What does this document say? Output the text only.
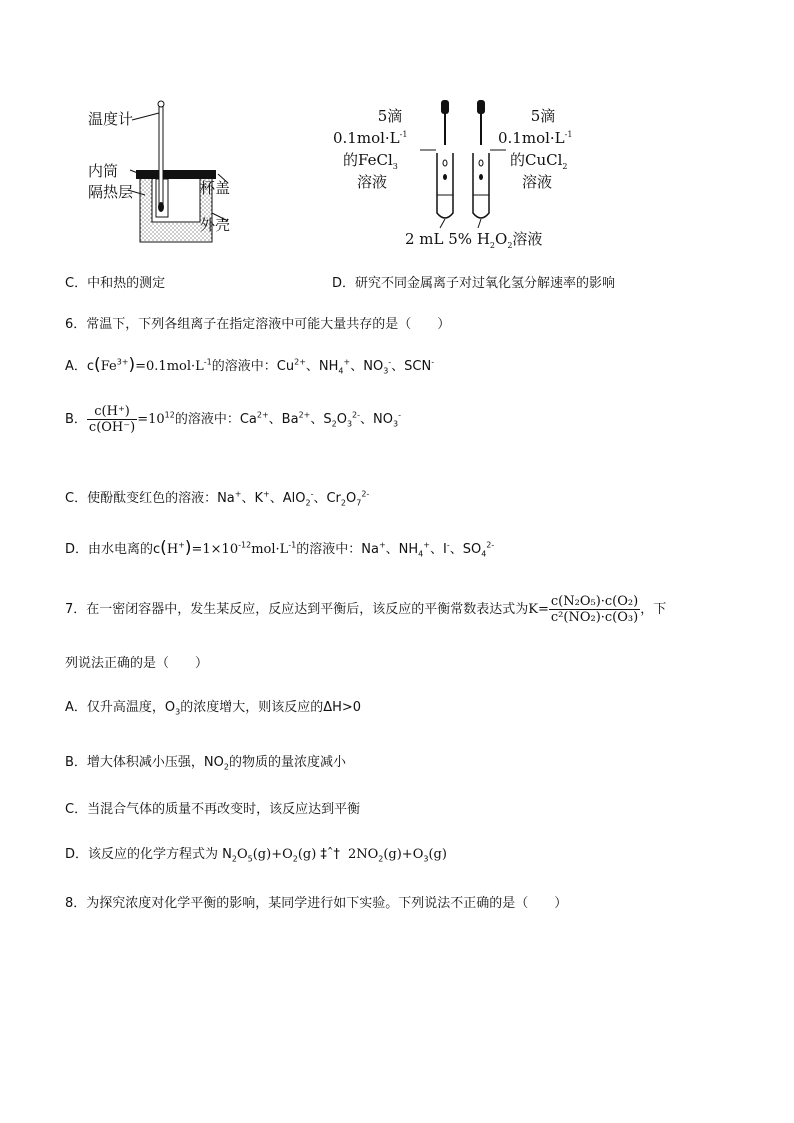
温度计
内筒
隔热层	杯盖
外壳
C．中和热的测定
5滴
$0.1mol\cdot L^{-1}$
的FeCl$_3$
溶液
5滴
$0.1mol\cdot L^{-1}$
的CuCl$_2$
溶液
2 mL 5% $H_2O_2$溶液
D．研究不同金属离子对过氧化氢分解速率的影响
6．常温下，下列各组离子在指定溶液中可能大量共存的是（　　）
A．$c(Fe^{3+})=0.1mol\cdot L^{-1}$的溶液中：$Cu^{2+}$、$NH_4^+$、$NO_3^-$、SCN-
B． $\frac{c(H^+)}{c(OH^-)} =10^{12}$的溶液中：$Ca^{2+}$、$Ba^{2+}$、$S_2O_3^{2-}$、$NO_3^-$
C．使酚酞变红色的溶液：Na+、K+、AlO$_2$-、$Cr_2O_7^{2-}$
D．由水电离的$c(H^+)=1\times 10^{-12}mol\cdot L^{-1}$的溶液中：Na+、$NH_4^+$、I-、$SO_4^{2-}$
7．在一密闭容器中，发生某反应，反应达到平衡后，该反应的平衡常数表达式为$K= \frac{\text{c(N₂O₅)·c(O₂)}}{\text{c²(NO₂)·c(O₃)}}$ ，下
列说法正确的是（　　）
A．仅升高温度，$O_3$的浓度增大，则该反应的ΔH>0
B．增大体积减小压强，$NO_2$的物质的量浓度减小
C．当混合气体的质量不再改变时，该反应达到平衡
D．该反应的化学方程式为 $N_2O_5(g)+O_2(g)$ ‡ˆ† $2NO_2(g)+O_3(g)$
8．为探究浓度对化学平衡的影响，某同学进行如下实验。下列说法不正确的是（　　）
